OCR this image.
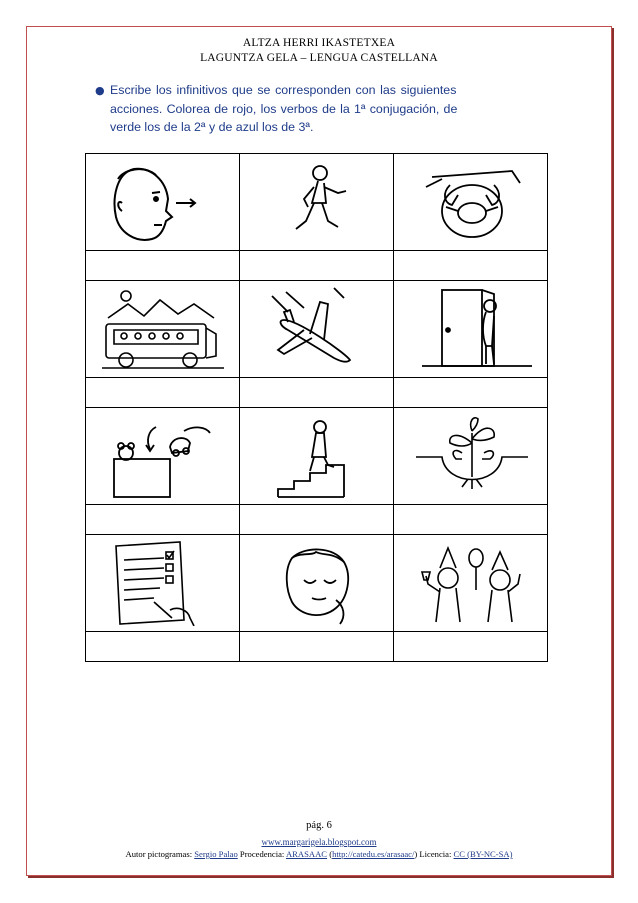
ALTZA HERRI IKASTETXEA
LAGUNTZA GELA – LENGUA CASTELLANA
● Escribe los infinitivos que se corresponden con las siguientes
acciones. Colorea de rojo, los verbos de la 1ª conjugación, de
verde los de la 2ª y de azul los de 3ª.

pág. 6
www.margarigela.blogspot.com
Autor pictogramas: Sergio Palao Procedencia: ARASAAC (http://catedu.es/arasaac/) Licencia: CC (BY-NC-SA)
